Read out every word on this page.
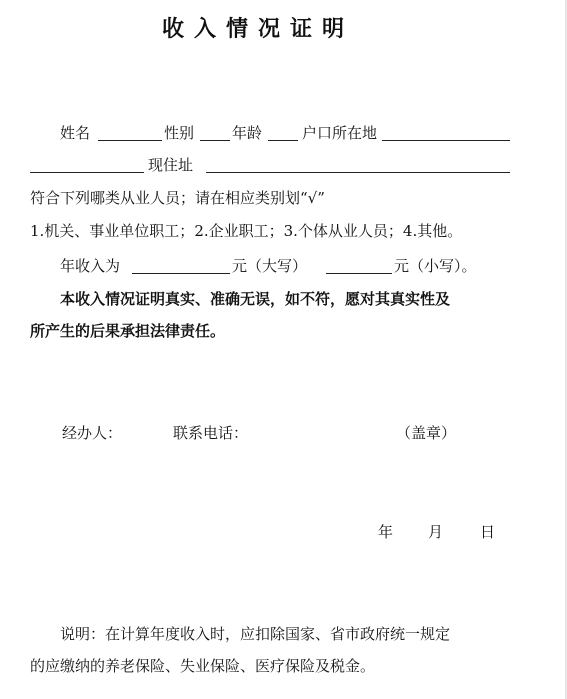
收入情况证明
姓名	性别	年龄	户口所在地
现住址
符合下列哪类从业人员；请在相应类别划“√”
1.机关、事业单位职工；2.企业职工；3.个体从业人员；4.其他。
年收入为	元（大写）	元（小写）。
本收入情况证明真实、准确无误，如不符，愿对其真实性及
所产生的后果承担法律责任。
经办人：	联系电话：	（盖章）
年 月 日
说明：在计算年度收入时，应扣除国家、省市政府统一规定
的应缴纳的养老保险、失业保险、医疗保险及税金。
